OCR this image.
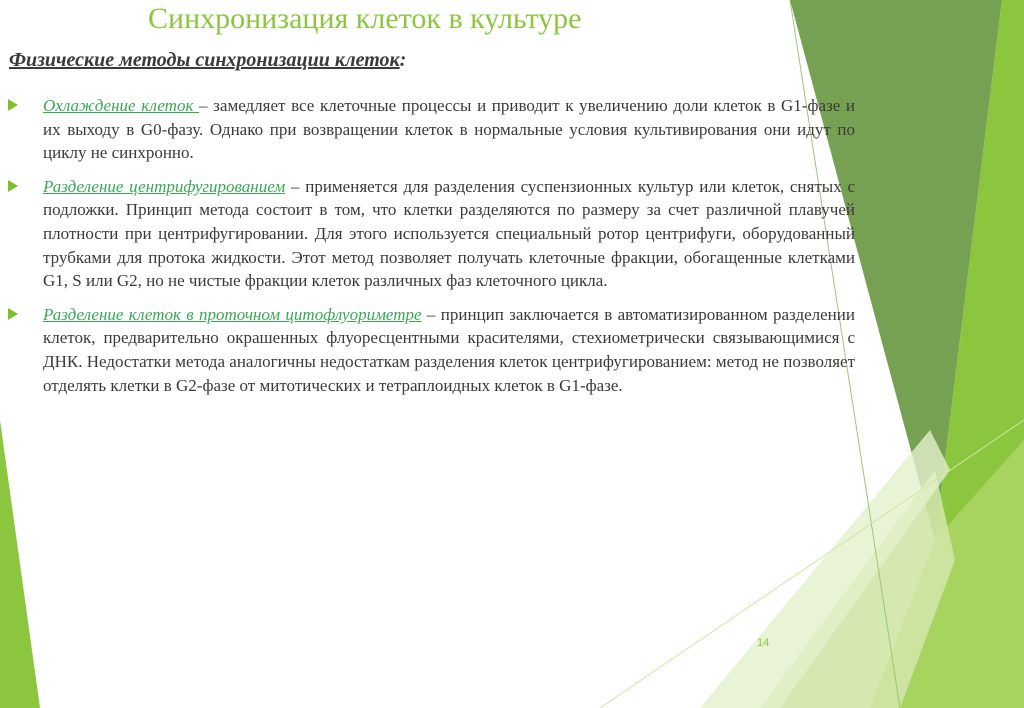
Синхронизация клеток в культуре
Физические методы синхронизации клеток:
Охлаждение клеток – замедляет все клеточные процессы и приводит к увеличению доли клеток в G1-фазе и их выходу в G0-фазу. Однако при возвращении клеток в нормальные условия культивирования они идут по циклу не синхронно.
Разделение центрифугированием – применяется для разделения суспензионных культур или клеток, снятых с подложки. Принцип метода состоит в том, что клетки разделяются по размеру за счет различной плавучей плотности при центрифугировании. Для этого используется специальный ротор центрифуги, оборудованный трубками для протока жидкости. Этот метод позволяет получать клеточные фракции, обогащенные клетками G1, S или G2, но не чистые фракции клеток различных фаз клеточного цикла.
Разделение клеток в проточном цитофлуориметре – принцип заключается в автоматизированном разделении клеток, предварительно окрашенных флуоресцентными красителями, стехиометрически связывающимися с ДНК. Недостатки метода аналогичны недостаткам разделения клеток центрифугированием: метод не позволяет отделять клетки в G2-фазе от митотических и тетраплоидных клеток в G1-фазе.
14
